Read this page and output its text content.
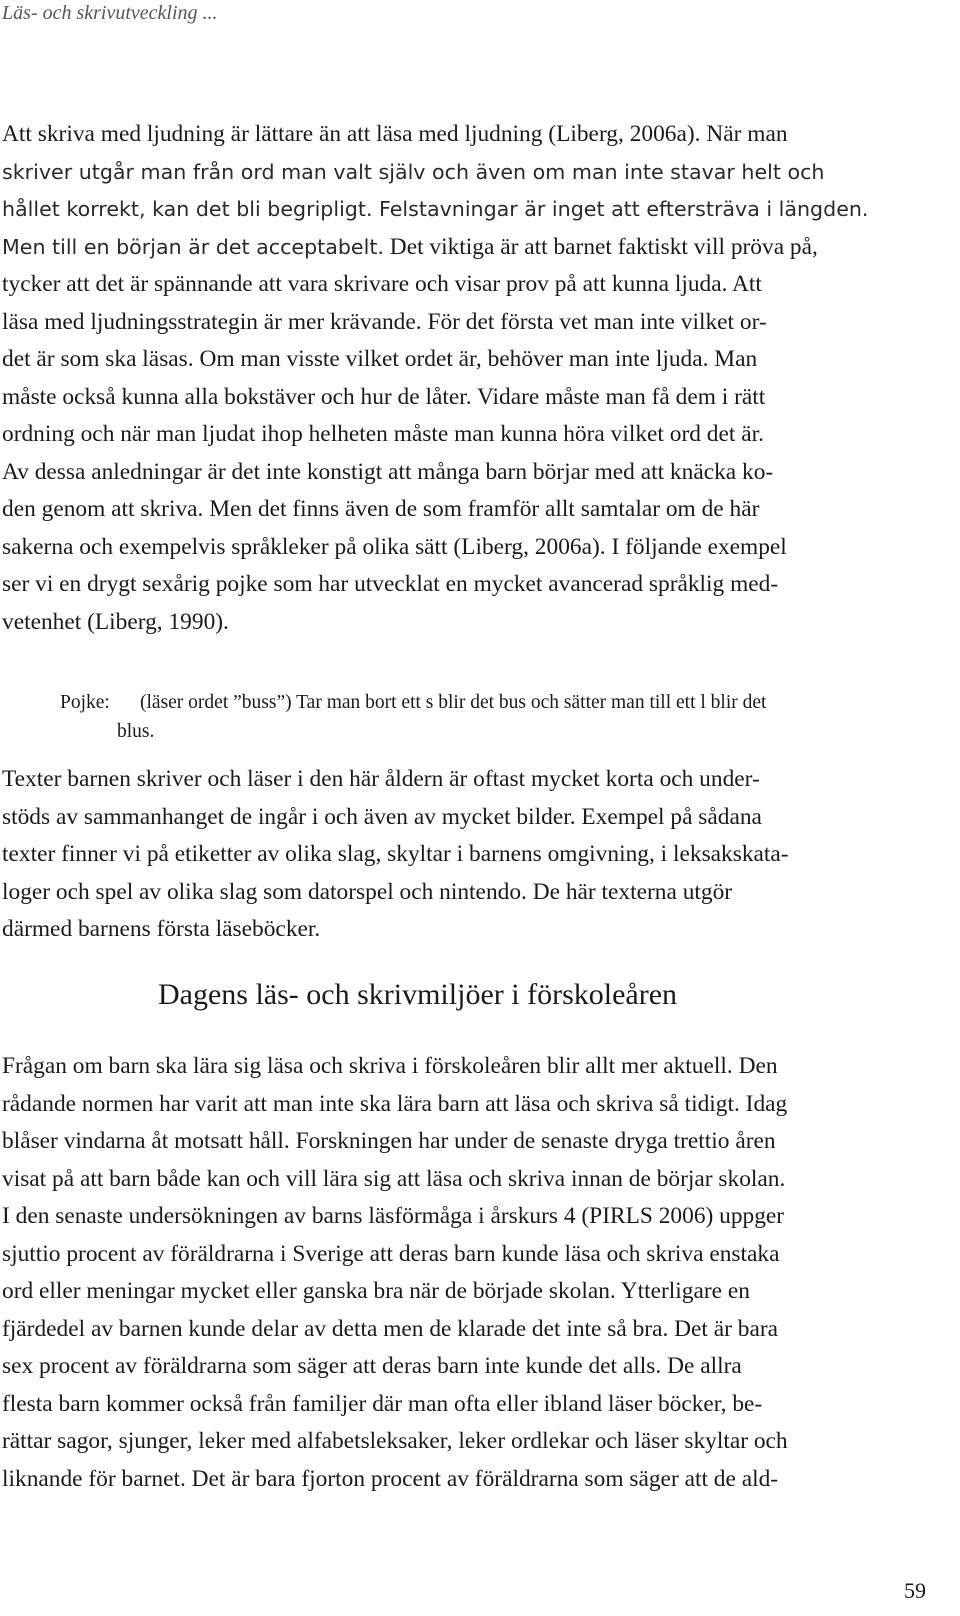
Läs- och skrivutveckling ...

Att skriva med ljudning är lättare än att läsa med ljudning (Liberg, 2006a). När man
skriver utgår man från ord man valt själv och även om man inte stavar helt och
hållet korrekt, kan det bli begripligt. Felstavningar är inget att eftersträva i längden.
Men till en början är det acceptabelt. Det viktiga är att barnet faktiskt vill pröva på,
tycker att det är spännande att vara skrivare och visar prov på att kunna ljuda. Att
läsa med ljudningsstrategin är mer krävande. För det första vet man inte vilket or-
det är som ska läsas. Om man visste vilket ordet är, behöver man inte ljuda. Man
måste också kunna alla bokstäver och hur de låter. Vidare måste man få dem i rätt
ordning och när man ljudat ihop helheten måste man kunna höra vilket ord det är.
Av dessa anledningar är det inte konstigt att många barn börjar med att knäcka ko-
den genom att skriva. Men det finns även de som framför allt samtalar om de här
sakerna och exempelvis språkleker på olika sätt (Liberg, 2006a). I följande exempel
ser vi en drygt sexårig pojke som har utvecklat en mycket avancerad språklig med-
vetenhet (Liberg, 1990).

Pojke: (läser ordet ”buss”) Tar man bort ett s blir det bus och sätter man till ett l blir det
blus.

Texter barnen skriver och läser i den här åldern är oftast mycket korta och under-
stöds av sammanhanget de ingår i och även av mycket bilder. Exempel på sådana
texter finner vi på etiketter av olika slag, skyltar i barnens omgivning, i leksakskata-
loger och spel av olika slag som datorspel och nintendo. De här texterna utgör
därmed barnens första läseböcker.

Dagens läs- och skrivmiljöer i förskoleåren

Frågan om barn ska lära sig läsa och skriva i förskoleåren blir allt mer aktuell. Den
rådande normen har varit att man inte ska lära barn att läsa och skriva så tidigt. Idag
blåser vindarna åt motsatt håll. Forskningen har under de senaste dryga trettio åren
visat på att barn både kan och vill lära sig att läsa och skriva innan de börjar skolan.
I den senaste undersökningen av barns läsförmåga i årskurs 4 (PIRLS 2006) uppger
sjuttio procent av föräldrarna i Sverige att deras barn kunde läsa och skriva enstaka
ord eller meningar mycket eller ganska bra när de började skolan. Ytterligare en
fjärdedel av barnen kunde delar av detta men de klarade det inte så bra. Det är bara
sex procent av föräldrarna som säger att deras barn inte kunde det alls. De allra
flesta barn kommer också från familjer där man ofta eller ibland läser böcker, be-
rättar sagor, sjunger, leker med alfabetsleksaker, leker ordlekar och läser skyltar och
liknande för barnet. Det är bara fjorton procent av föräldrarna som säger att de ald-

59
